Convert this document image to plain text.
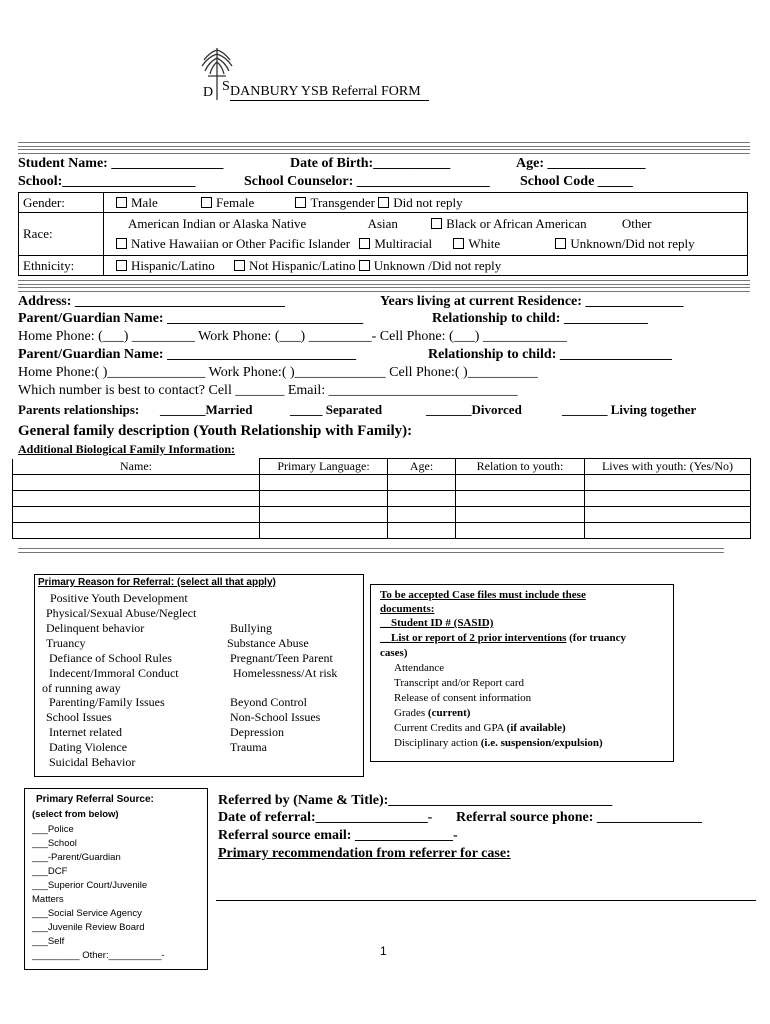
D S DANBURY YSB Referral FORM
Student Name: ________________	Date of Birth:___________	Age: ______________
School:___________________	School Counselor: ___________________ School Code _____
Gender:	Male Female Transgender Did not reply
Race:	American Indian or Alaska Native Asian Black or African American Other
Native Hawaiian or Other Pacific Islander Multiracial White Unknown/Did not reply

Ethnicity:	Hispanic/Latino Not Hispanic/Latino Unknown /Did not reply
Address: ______________________________	Years living at current Residence: ______________
Parent/Guardian Name: ____________________________	Relationship to child: ____________
Home Phone: (___) _________ Work Phone: (___) _________- Cell Phone: (___) ____________
Parent/Guardian Name: ___________________________	Relationship to child: ________________
Home Phone:( )______________ Work Phone:( )_____________ Cell Phone:( )__________
Which number is best to contact? Cell _______ Email: ___________________________
Parents relationships: _______Married	_____ Separated	_______Divorced	_______ Living together
General family description (Youth Relationship with Family):
Additional Biological Family Information:
Name:	Primary Language:	Age:	Relation to youth:	Lives with youth: (Yes/No)

Primary Reason for Referral: (select all that apply)
Positive Youth Development
Physical/Sexual Abuse/Neglect
Delinquent behavior
Truancy
Defiance of School Rules
Indecent/Immoral Conduct
of running away
Parenting/Family Issues
School Issues
Internet related
Dating Violence
Suicidal Behavior
Bullying
Substance Abuse
Pregnant/Teen Parent
Homelessness/At risk
Beyond Control
Non-School Issues
Depression
Trauma
To be accepted Case files must include these
documents:
__Student ID # (SASID)
__List or report of 2 prior interventions (for truancy
cases)
Attendance
Transcript and/or Report card
Release of consent information
Grades (current)
Current Credits and GPA (if available)
Disciplinary action (i.e. suspension/expulsion)
Primary Referral Source:
(select from below)
___Police
___School
___-Parent/Guardian
___DCF
___Superior Court/Juvenile
Matters
___Social Service Agency
___Juvenile Review Board
___Self
_________ Other:__________-
Referred by (Name & Title):________________________________
Date of referral:________________- Referral source phone: _______________
Referral source email: ______________-
Primary recommendation from referrer for case:
1
